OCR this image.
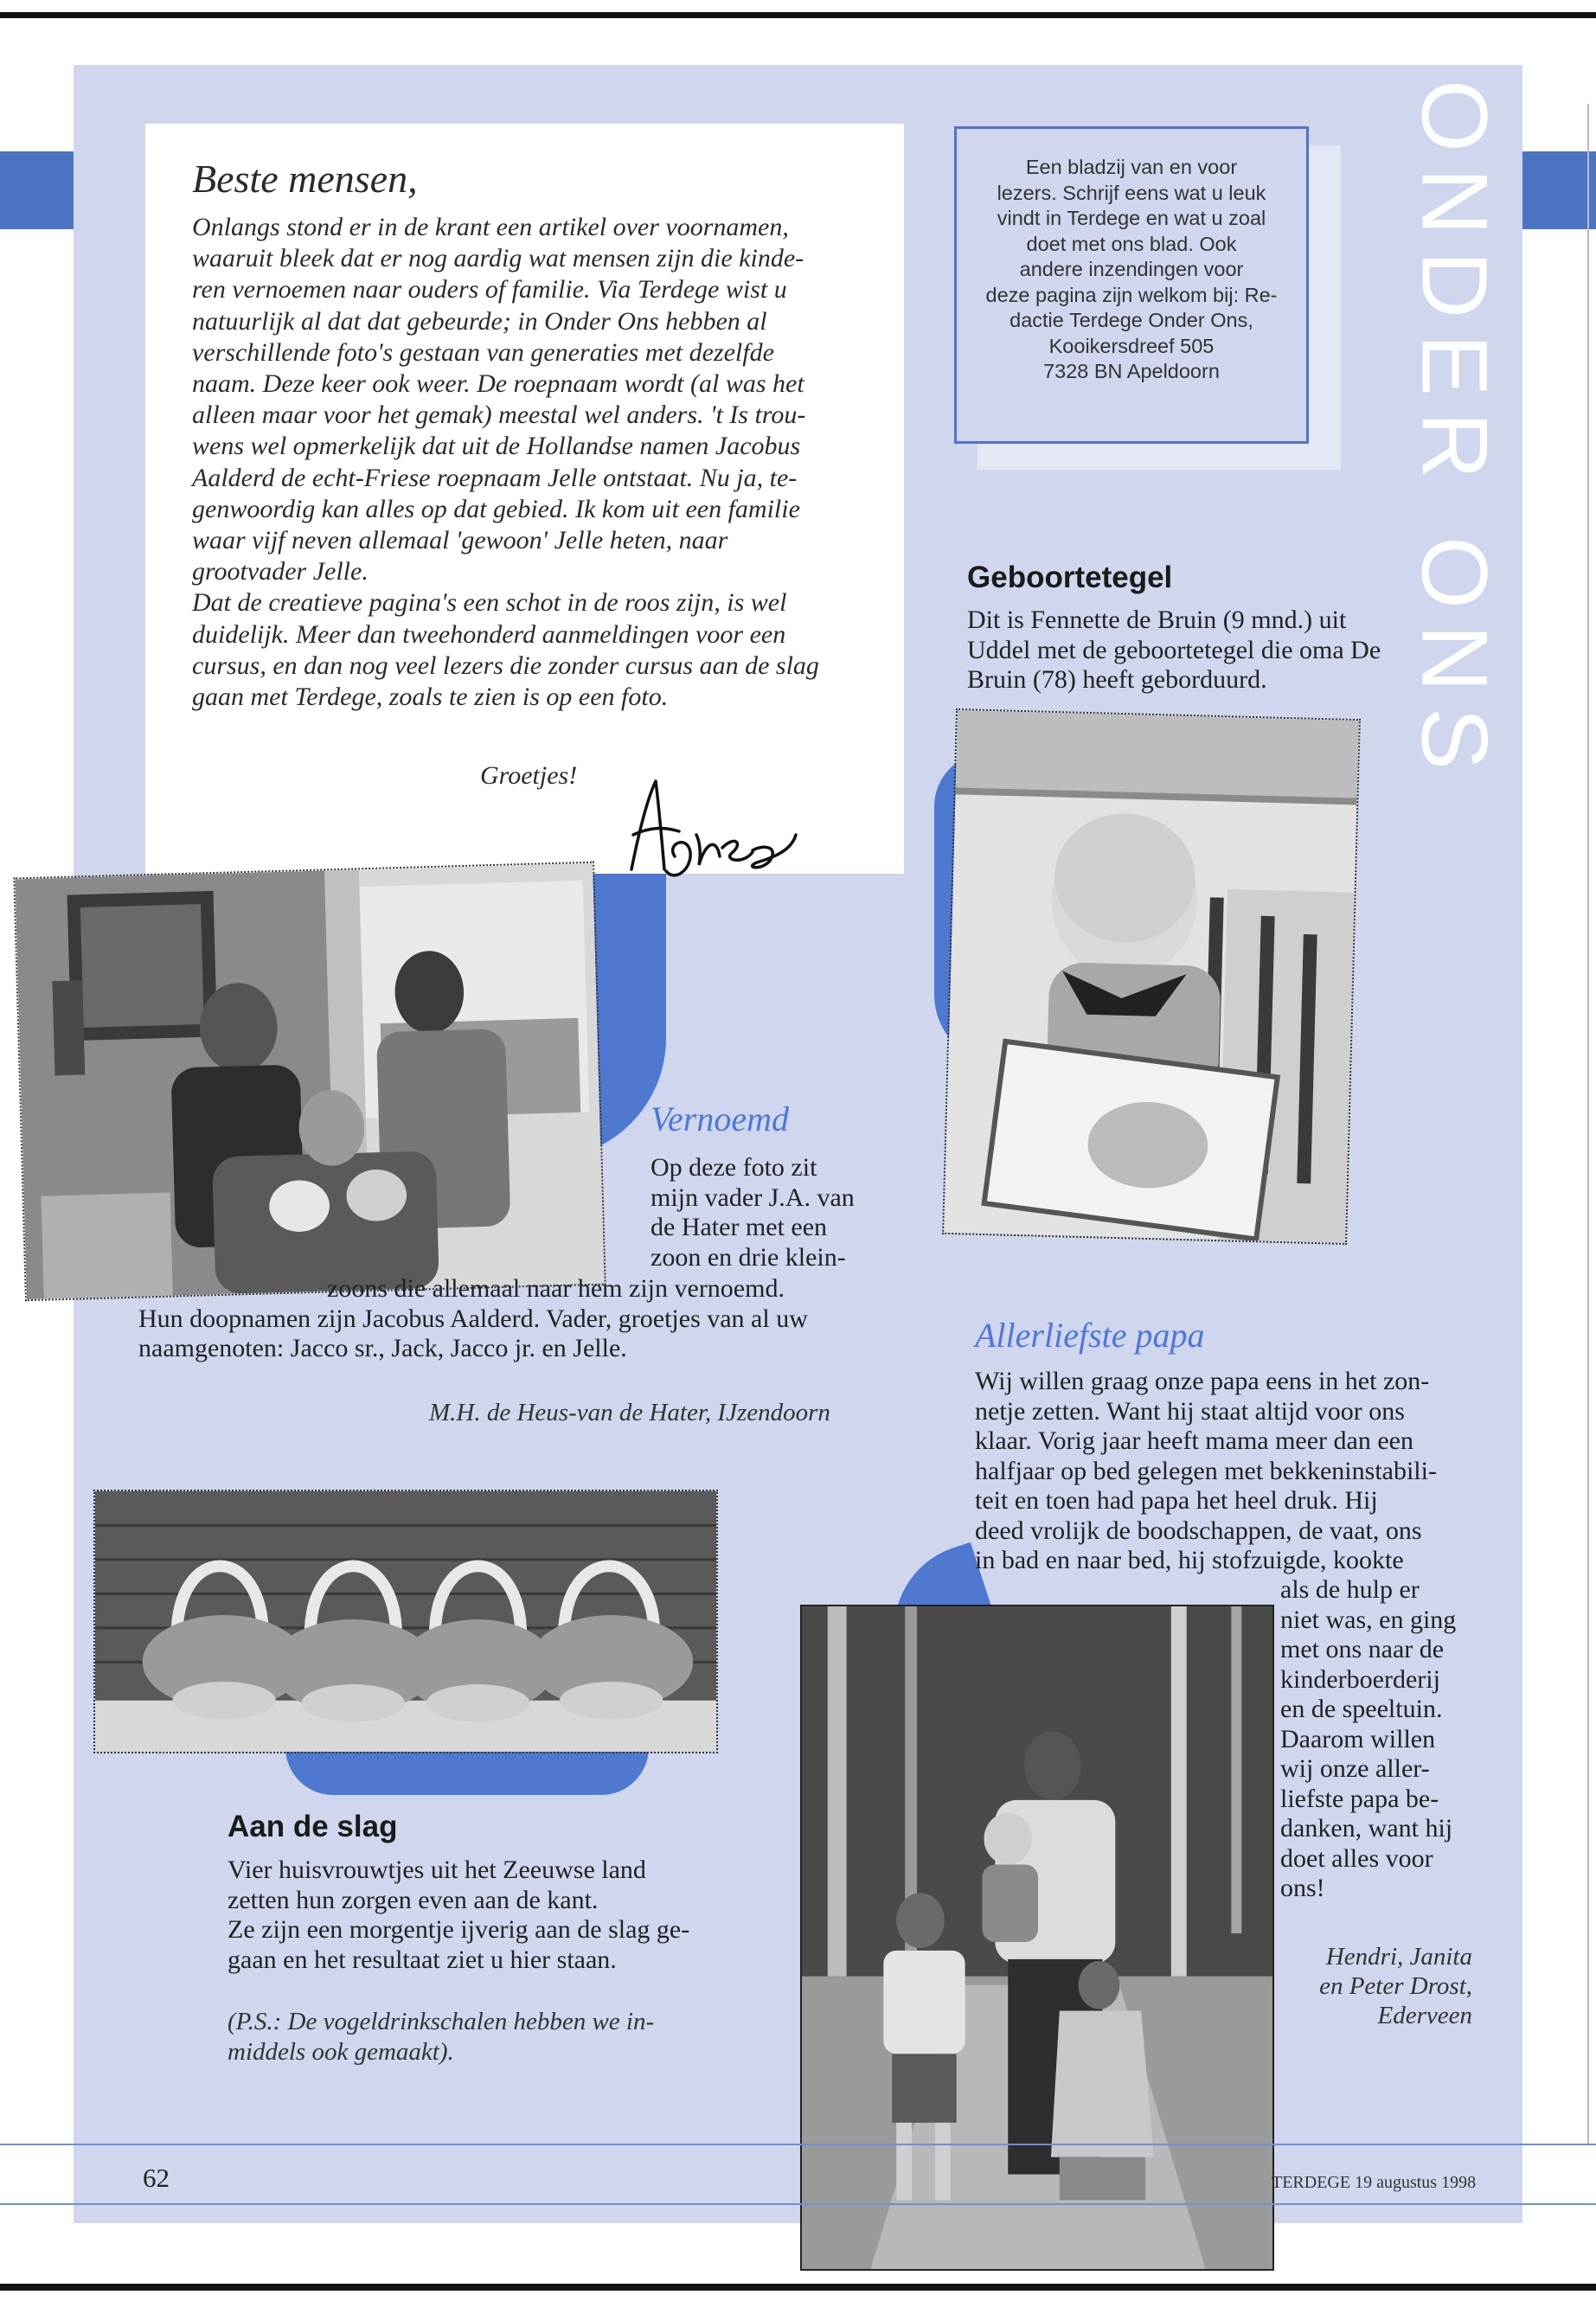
Een bladzij van en voor
lezers. Schrijf eens wat u leuk
vindt in Terdege en wat u zoal
doet met ons blad. Ook
andere inzendingen voor
deze pagina zijn welkom bij: Re-
dactie Terdege Onder Ons,
Kooikersdreef 505
7328 BN Apeldoorn	ONDER ONS
Beste mensen,
Onlangs stond er in de krant een artikel over voornamen,
waaruit bleek dat er nog aardig wat mensen zijn die kinde-
ren vernoemen naar ouders of familie. Via Terdege wist u
natuurlijk al dat dat gebeurde; in Onder Ons hebben al
verschillende foto's gestaan van generaties met dezelfde
naam. Deze keer ook weer. De roepnaam wordt (al was het
alleen maar voor het gemak) meestal wel anders. 't Is trou-
wens wel opmerkelijk dat uit de Hollandse namen Jacobus
Aalderd de echt-Friese roepnaam Jelle ontstaat. Nu ja, te-
genwoordig kan alles op dat gebied. Ik kom uit een familie
waar vijf neven allemaal 'gewoon' Jelle heten, naar
grootvader Jelle.
Dat de creatieve pagina's een schot in de roos zijn, is wel
duidelijk. Meer dan tweehonderd aanmeldingen voor een
cursus, en dan nog veel lezers die zonder cursus aan de slag
gaan met Terdege, zoals te zien is op een foto.
Groetjes!
Geboortetegel
Dit is Fennette de Bruin (9 mnd.) uit
Uddel met de geboortetegel die oma De
Bruin (78) heeft geborduurd.
Vernoemd
Op deze foto zit
mijn vader J.A. van
de Hater met een
zoon en drie klein-
zoons die allemaal naar hem zijn vernoemd.
Hun doopnamen zijn Jacobus Aalderd. Vader, groetjes van al uw
naamgenoten: Jacco sr., Jack, Jacco jr. en Jelle.
M.H. de Heus-van de Hater, IJzendoorn
Allerliefste papa
Wij willen graag onze papa eens in het zon-
netje zetten. Want hij staat altijd voor ons
klaar. Vorig jaar heeft mama meer dan een
halfjaar op bed gelegen met bekkeninstabili-
teit en toen had papa het heel druk. Hij
deed vrolijk de boodschappen, de vaat, ons
in bad en naar bed, hij stofzuigde, kookte
als de hulp er
niet was, en ging
met ons naar de
kinderboerderij
en de speeltuin.
Daarom willen
wij onze aller-
liefste papa be-
danken, want hij
doet alles voor
ons!
Hendri, Janita
en Peter Drost,
Ederveen
Aan de slag
Vier huisvrouwtjes uit het Zeeuwse land
zetten hun zorgen even aan de kant.
Ze zijn een morgentje ijverig aan de slag ge-
gaan en het resultaat ziet u hier staan.
(P.S.: De vogeldrinkschalen hebben we in-
middels ook gemaakt).
62	TERDEGE 19 augustus 1998
